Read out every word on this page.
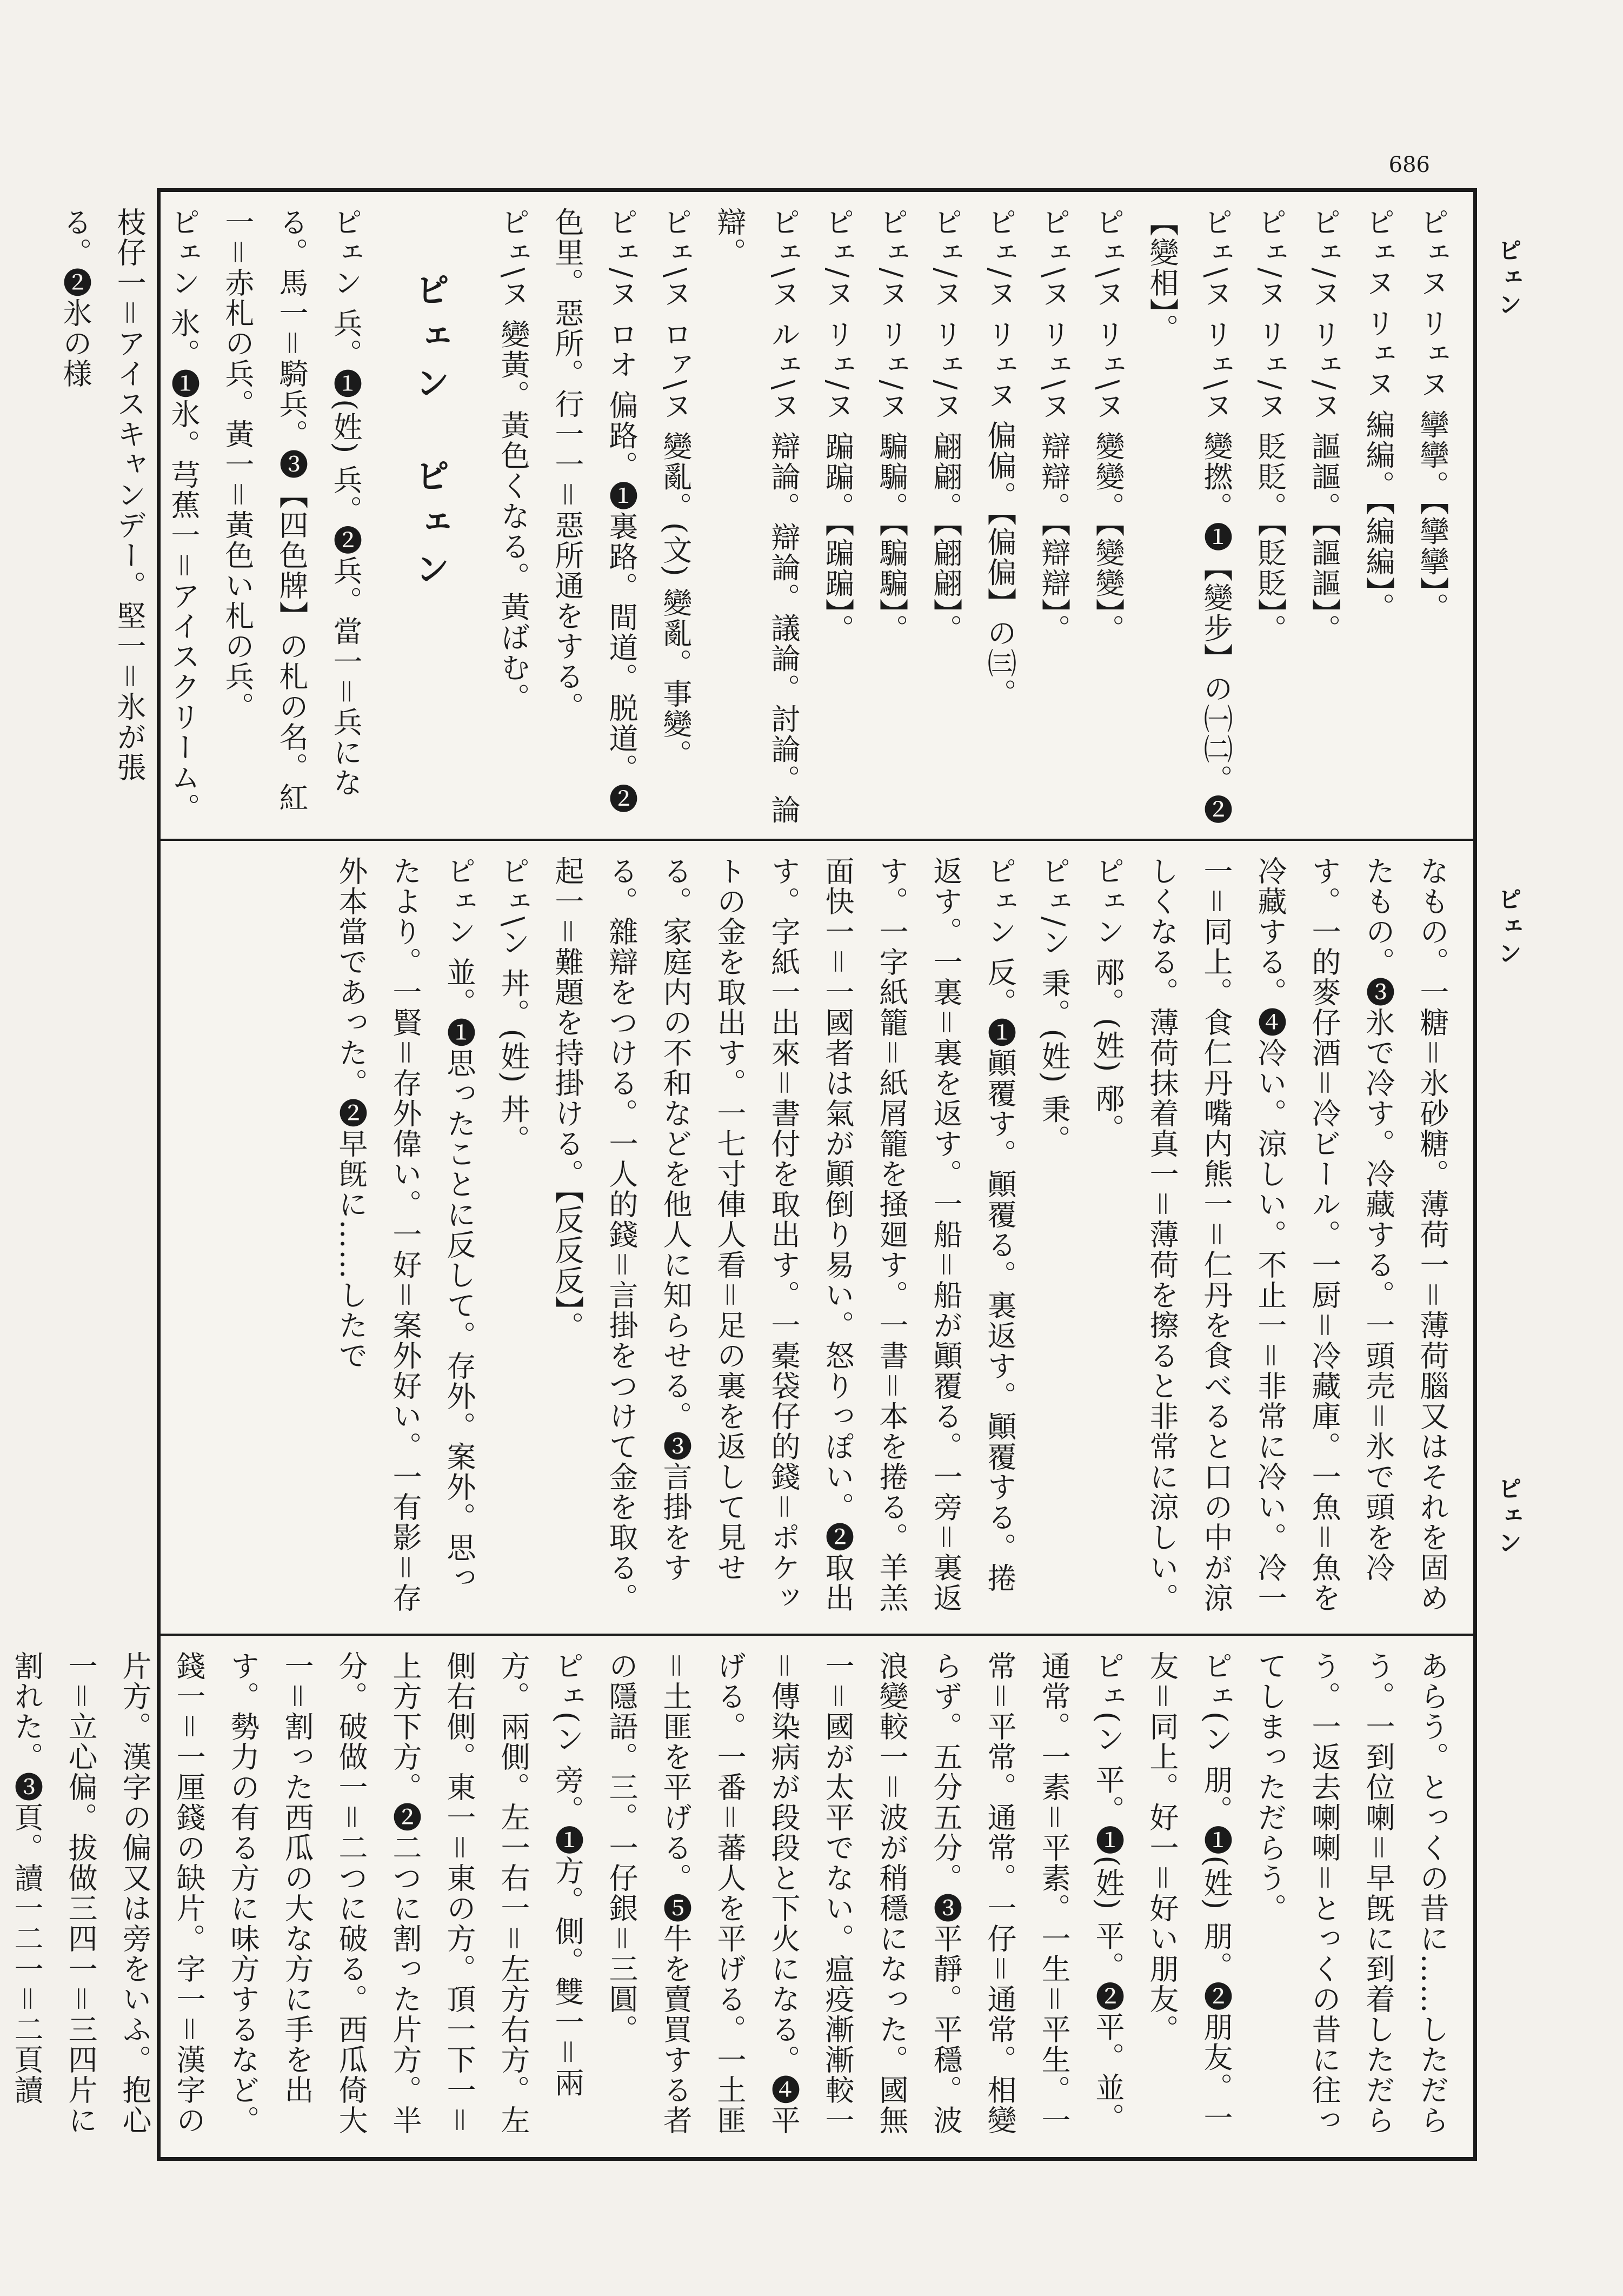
686
ピェン
ピェン
ピェン

ピェヌ リェヌ 攣攣。【攣攣】。

ピェヌ リェヌ 編編。【編編】。

ピェ/ヌ リェ/ヌ 謳謳。【謳謳】。

ピェ/ヌ リェ/ヌ 貶貶。【貶貶】。

ピェ\ヌ リェ\ヌ 變撚。❶【變步】の㈠㈡。❷【變相】。

ピェ\ヌ リェ\ヌ 變變。【變變】。

ピェ\ヌ リェ\ヌ 辯辯。【辯辯】。

ピェ/ヌ リェヌ 偏偏。【偏偏】の㈢。

ピェ/ヌ リェ/ヌ 翩翩。【翩翩】。

ピェ/ヌ リェ/ヌ 騙騙。【騙騙】。

ピェ/ヌ リェ/ヌ 蹁蹁。【蹁蹁】。

ピェ\ヌ ルェ\ヌ 辯論。辯論。議論。討論。論辯。

ピェ\ヌ ロァ\ヌ 變亂。(文) 變亂。事變。

ピェ/ヌ ロオ 偏路。❶裏路。間道。脱道。❷色里。惡所。行一一＝惡所通をする。

ピェ\ヌ 變黃。黃色くなる。黃ばむ。

ピェン　ピェン

ピェン 兵。❶(姓) 兵。❷兵。當一＝兵になる。馬一＝騎兵。❸【四色牌】の札の名。紅一＝赤札の兵。黃一＝黃色い札の兵。

ピェン 氷。❶氷。芎蕉一＝アイスクリーム。枝仔一＝アイスキャンデー。堅一＝氷が張る。❷氷の様

なもの。一糖＝氷砂糖。薄荷一＝薄荷腦又はそれを固めたもの。❸氷で冷す。冷藏する。一頭売＝氷で頭を冷す。一的麥仔酒＝冷ビール。一厨＝冷藏庫。一魚＝魚を冷藏する。❹冷い。涼しい。不止一＝非常に冷い。冷一一＝同上。食仁丹嘴内熊一＝仁丹を食べると口の中が涼しくなる。薄荷抹着真一＝薄荷を擦ると非常に涼しい。

ピェン 邴。(姓) 邴。

ピェ/ン 秉。(姓) 秉。

ピェン 反。❶顚覆す。顚覆る。裏返す。顚覆する。捲返す。一裏＝裏を返す。一船＝船が顚覆る。一旁＝裏返す。一字紙籠＝紙屑籠を掻廻す。一書＝本を捲る。羊羔面快一＝一國者は氣が顚倒り易い。怒りっぽい。❷取出す。字紙一出來＝書付を取出す。一橐袋仔的錢＝ポケットの金を取出す。一七寸俥人看＝足の裏を返して見せる。家庭内の不和などを他人に知らせる。❸言掛をする。雜辯をつける。一人的錢＝言掛をつけて金を取る。起一＝難題を持掛ける。【反反反】。

ピェ\ン 丼。(姓) 丼。

ピェン 並。❶思ったことに反して。存外。案外。思ったより。一賢＝存外偉い。一好＝案外好い。一有影＝存外本當であった。❷早旣に……したで

あらう。とっくの昔に……しただらう。一到位喇＝早旣に到着しただらう。一返去喇喇＝とっくの昔に往ってしまっただらう。

ピェ(ン 朋。❶(姓) 朋。❷朋友。一友＝同上。好一＝好い朋友。

ピェ(ン 平。❶(姓) 平。❷平。並。通常。一素＝平素。一生＝平生。一常＝平常。通常。一仔＝通常。相變らず。五分五分。❸平靜。平穩。波浪變較一＝波が稍穩になった。國無一＝國が太平でない。瘟疫漸漸較一＝傳染病が段段と下火になる。❹平げる。一番＝蕃人を平げる。一土匪＝土匪を平げる。❺牛を賣買する者の隱語。三。一仔銀＝三圓。

ピェ(ン 旁。❶方。側。雙一＝兩方。兩側。左一右一＝左方右方。左側右側。東一＝東の方。頂一下一＝上方下方。❷二つに割った片方。半分。破做一＝二つに破る。西瓜倚大一＝割った西瓜の大な方に手を出す。勢力の有る方に味方するなど。錢一＝一厘錢の缺片。字一＝漢字の片方。漢字の偏又は旁をいふ。抱心一＝立心偏。拔做三四一＝三四片に割れた。❸頁。讀一二一＝二頁讀
